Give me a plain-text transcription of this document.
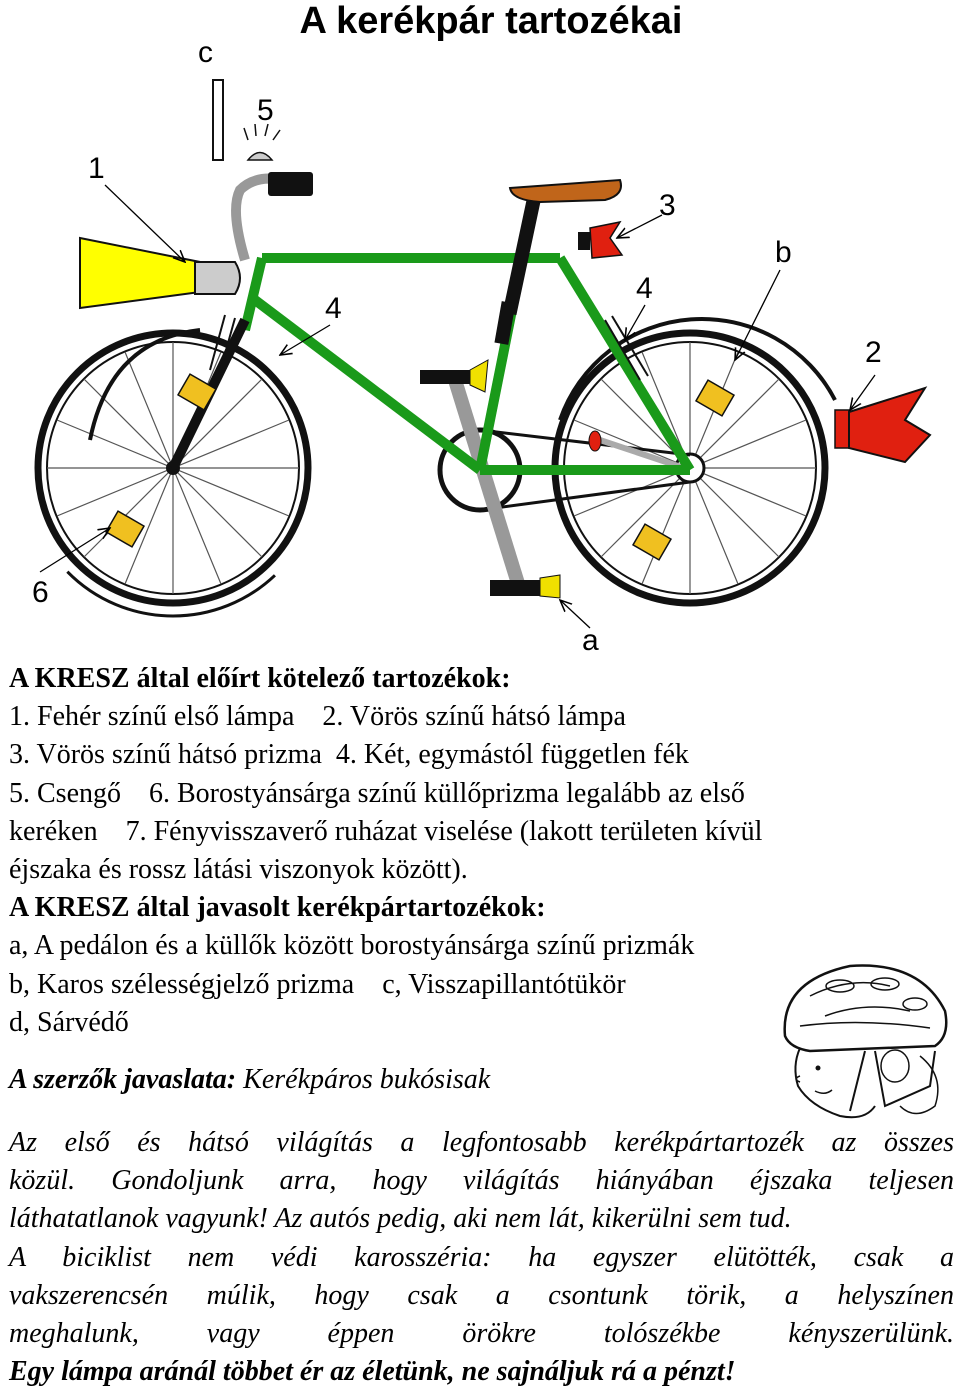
A kerékpár tartozékai
c
5
1
3
b
4
4
2
6
a
A KRESZ által előírt kötelező tartozékok:
1. Fehér színű első lámpa 2. Vörös színű hátsó lámpa
3. Vörös színű hátsó prizma 4. Két, egymástól független fék
5. Csengő 6. Borostyánsárga színű küllőprizma legalább az első
keréken 7. Fényvisszaverő ruházat viselése (lakott területen kívül
éjszaka és rossz látási viszonyok között).
A KRESZ által javasolt kerékpártartozékok:
a, A pedálon és a küllők között borostyánsárga színű prizmák
b, Karos szélességjelző prizma c, Visszapillantótükör
d, Sárvédő
A szerzők javaslata: Kerékpáros bukósisak
Az első és hátsó világítás a legfontosabb kerékpártartozék az összes
közül. Gondoljunk arra, hogy világítás hiányában éjszaka teljesen
láthatatlanok vagyunk! Az autós pedig, aki nem lát, kikerülni sem tud.
A biciklist nem védi karosszéria: ha egyszer elütötték, csak a
vakszerencsén múlik, hogy csak a csontunk törik, a helyszínen
meghalunk, vagy éppen örökre tolószékbe kényszerülünk.
Egy lámpa aránál többet ér az életünk, ne sajnáljuk rá a pénzt!
